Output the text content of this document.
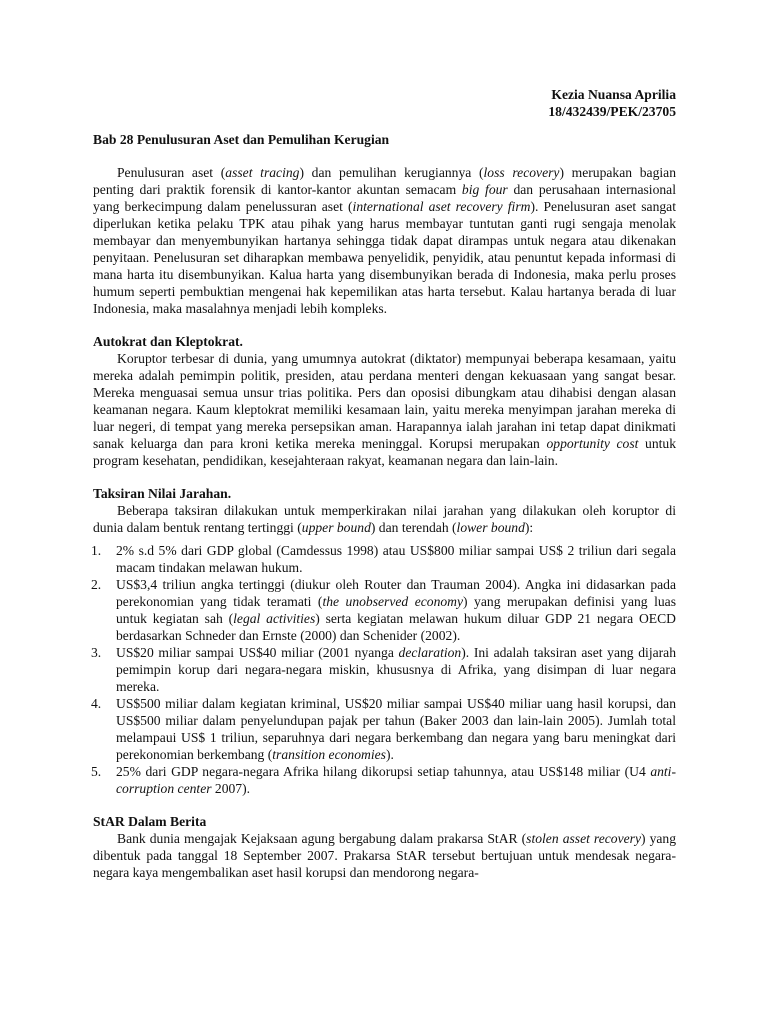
Kezia Nuansa Aprilia
18/432439/PEK/23705
Bab 28 Penulusuran Aset dan Pemulihan Kerugian

Penulusuran aset (asset tracing) dan pemulihan kerugiannya (loss recovery) merupakan bagian penting dari praktik forensik di kantor-kantor akuntan semacam big four dan perusahaan internasional yang berkecimpung dalam penelussuran aset (international aset recovery firm). Penelusuran aset sangat diperlukan ketika pelaku TPK atau pihak yang harus membayar tuntutan ganti rugi sengaja menolak membayar dan menyembunyikan hartanya sehingga tidak dapat dirampas untuk negara atau dikenakan penyitaan. Penelusuran set diharapkan membawa penyelidik, penyidik, atau penuntut kepada informasi di mana harta itu disembunyikan. Kalua harta yang disembunyikan berada di Indonesia, maka perlu proses humum seperti pembuktian mengenai hak kepemilikan atas harta tersebut. Kalau hartanya berada di luar Indonesia, maka masalahnya menjadi lebih kompleks.

Autokrat dan Kleptokrat.

Koruptor terbesar di dunia, yang umumnya autokrat (diktator) mempunyai beberapa kesamaan, yaitu mereka adalah pemimpin politik, presiden, atau perdana menteri dengan kekuasaan yang sangat besar. Mereka menguasai semua unsur trias politika. Pers dan oposisi dibungkam atau dihabisi dengan alasan keamanan negara. Kaum kleptokrat memiliki kesamaan lain, yaitu mereka menyimpan jarahan mereka di luar negeri, di tempat yang mereka persepsikan aman. Harapannya ialah jarahan ini tetap dapat dinikmati sanak keluarga dan para kroni ketika mereka meninggal. Korupsi merupakan opportunity cost untuk program kesehatan, pendidikan, kesejahteraan rakyat, keamanan negara dan lain-lain.

Taksiran Nilai Jarahan.

Beberapa taksiran dilakukan untuk memperkirakan nilai jarahan yang dilakukan oleh koruptor di dunia dalam bentuk rentang tertinggi (upper bound) dan terendah (lower bound):

1. 2% s.d 5% dari GDP global (Camdessus 1998) atau US$800 miliar sampai US$ 2 triliun dari segala macam tindakan melawan hukum.
2. US$3,4 triliun angka tertinggi (diukur oleh Router dan Trauman 2004). Angka ini didasarkan pada perekonomian yang tidak teramati (the unobserved economy) yang merupakan definisi yang luas untuk kegiatan sah (legal activities) serta kegiatan melawan hukum diluar GDP 21 negara OECD berdasarkan Schneder dan Ernste (2000) dan Schenider (2002).
3. US$20 miliar sampai US$40 miliar (2001 nyanga declaration). Ini adalah taksiran aset yang dijarah pemimpin korup dari negara-negara miskin, khususnya di Afrika, yang disimpan di luar negara mereka.
4. US$500 miliar dalam kegiatan kriminal, US$20 miliar sampai US$40 miliar uang hasil korupsi, dan US$500 miliar dalam penyelundupan pajak per tahun (Baker 2003 dan lain-lain 2005). Jumlah total melampaui US$ 1 triliun, separuhnya dari negara berkembang dan negara yang baru meningkat dari perekonomian berkembang (transition economies).
5. 25% dari GDP negara-negara Afrika hilang dikorupsi setiap tahunnya, atau US$148 miliar (U4 anti-corruption center 2007).
StAR Dalam Berita

Bank dunia mengajak Kejaksaan agung bergabung dalam prakarsa StAR (stolen asset recovery) yang dibentuk pada tanggal 18 September 2007. Prakarsa StAR tersebut bertujuan untuk mendesak negara-negara kaya mengembalikan aset hasil korupsi dan mendorong negara-
